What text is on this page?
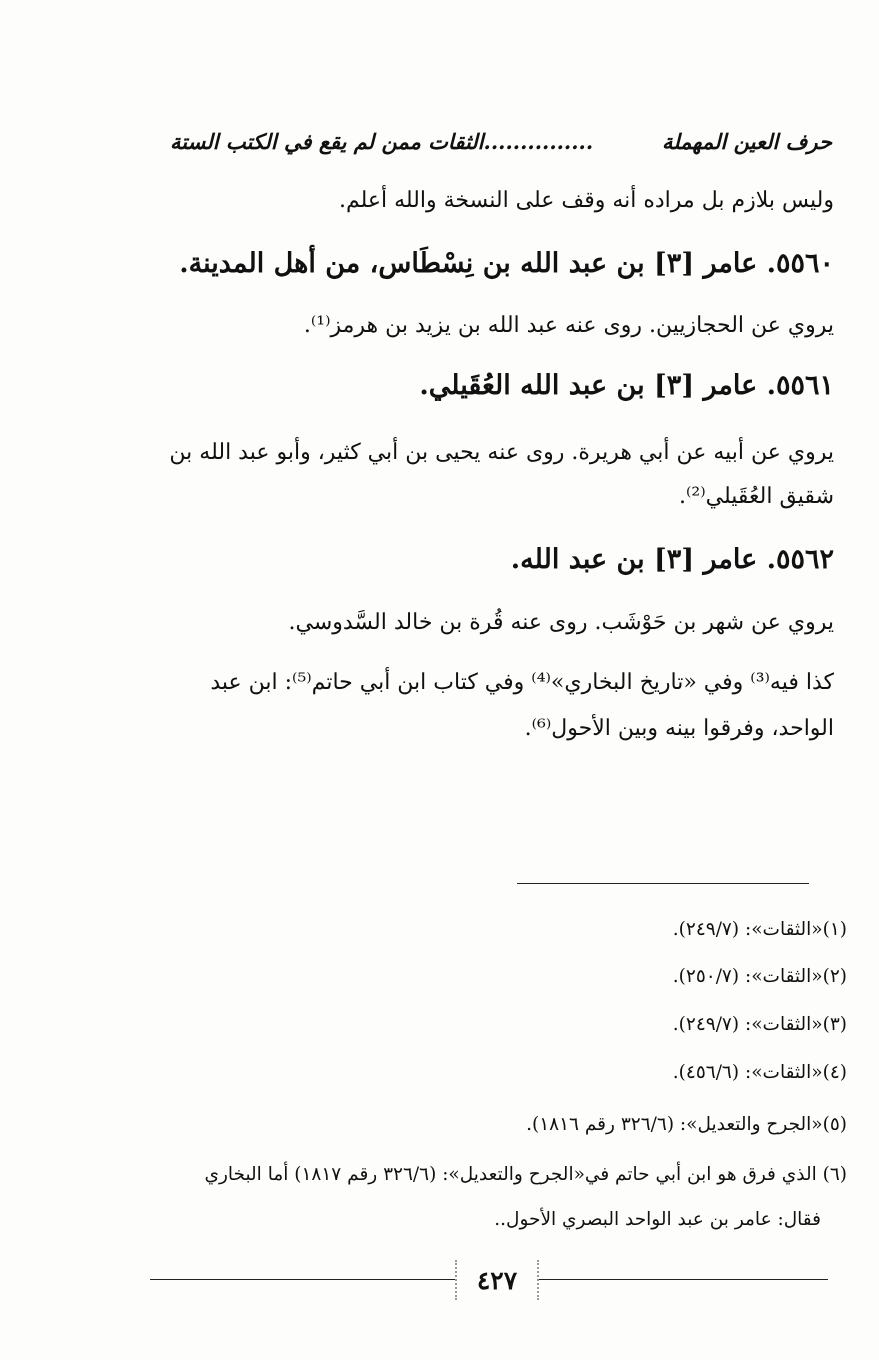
...............الثقات ممن لم يقع في الكتب الستة	حرف العين المهملة
وليس بلازم بل مراده أنه وقف على النسخة والله أعلم.
٥٥٦٠. عامر [٣] بن عبد الله بن نِسْطَاس، من أهل المدينة.
يروي عن الحجازيين. روى عنه عبد الله بن يزيد بن هرمز⁽¹⁾.
٥٥٦١. عامر [٣] بن عبد الله العُقَيلي.
يروي عن أبيه عن أبي هريرة. روى عنه يحيى بن أبي كثير، وأبو عبد الله بن
شقيق العُقَيلي⁽²⁾.
٥٥٦٢. عامر [٣] بن عبد الله.
يروي عن شهر بن حَوْشَب. روى عنه قُرة بن خالد السَّدوسي.
كذا فيه⁽³⁾ وفي «تاريخ البخاري»⁽⁴⁾ وفي كتاب ابن أبي حاتم⁽⁵⁾: ابن عبد
الواحد، وفرقوا بينه وبين الأحول⁽⁶⁾.
(١)«الثقات»: (٢٤٩/٧).
(٢)«الثقات»: (٢٥٠/٧).
(٣)«الثقات»: (٢٤٩/٧).
(٤)«الثقات»: (٤٥٦/٦).
(٥)«الجرح والتعديل»: (٣٢٦/٦ رقم ١٨١٦).
(٦) الذي فرق هو ابن أبي حاتم في«الجرح والتعديل»: (٣٢٦/٦ رقم ١٨١٧) أما البخاري
فقال: عامر بن عبد الواحد البصري الأحول..
٤٢٧
